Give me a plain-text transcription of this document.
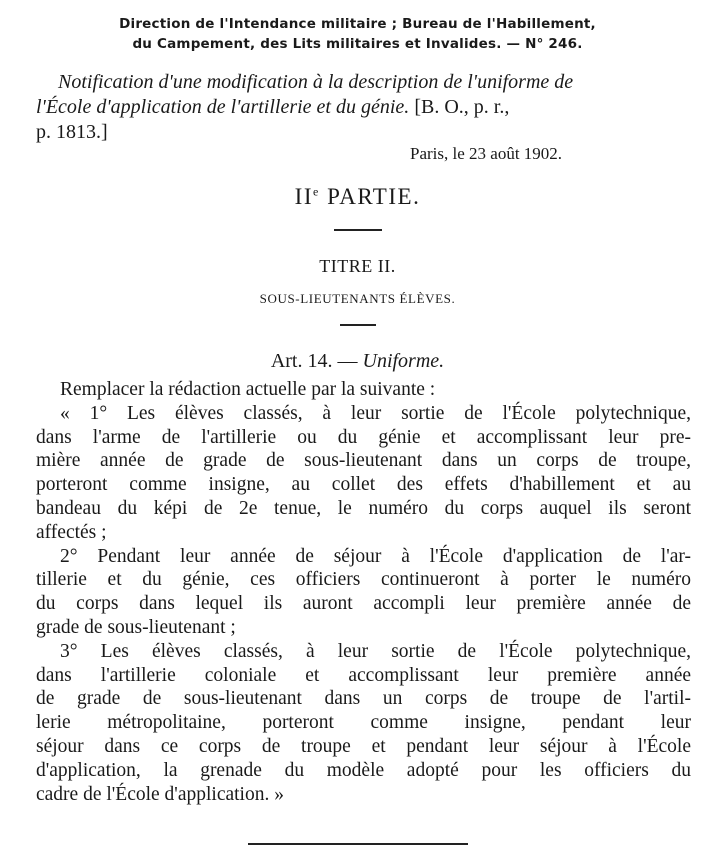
Direction de l'Intendance militaire ; Bureau de l'Habillement,
du Campement, des Lits militaires et Invalides. — N° 246.
Notification d'une modification à la description de l'uniforme de
l'École d'application de l'artillerie et du génie. [B. O., p. r.,
p. 1813.]
Paris, le 23 août 1902.
IIe PARTIE.
TITRE II.
SOUS-LIEUTENANTS ÉLÈVES.
Art. 14. — Uniforme.
Remplacer la rédaction actuelle par la suivante :
« 1° Les élèves classés, à leur sortie de l'École polytechnique,
dans l'arme de l'artillerie ou du génie et accomplissant leur pre-
mière année de grade de sous-lieutenant dans un corps de troupe,
porteront comme insigne, au collet des effets d'habillement et au
bandeau du képi de 2e tenue, le numéro du corps auquel ils seront
affectés ;
2° Pendant leur année de séjour à l'École d'application de l'ar-
tillerie et du génie, ces officiers continueront à porter le numéro
du corps dans lequel ils auront accompli leur première année de
grade de sous-lieutenant ;
3° Les élèves classés, à leur sortie de l'École polytechnique,
dans l'artillerie coloniale et accomplissant leur première année
de grade de sous-lieutenant dans un corps de troupe de l'artil-
lerie métropolitaine, porteront comme insigne, pendant leur
séjour dans ce corps de troupe et pendant leur séjour à l'École
d'application, la grenade du modèle adopté pour les officiers du
cadre de l'École d'application. »
